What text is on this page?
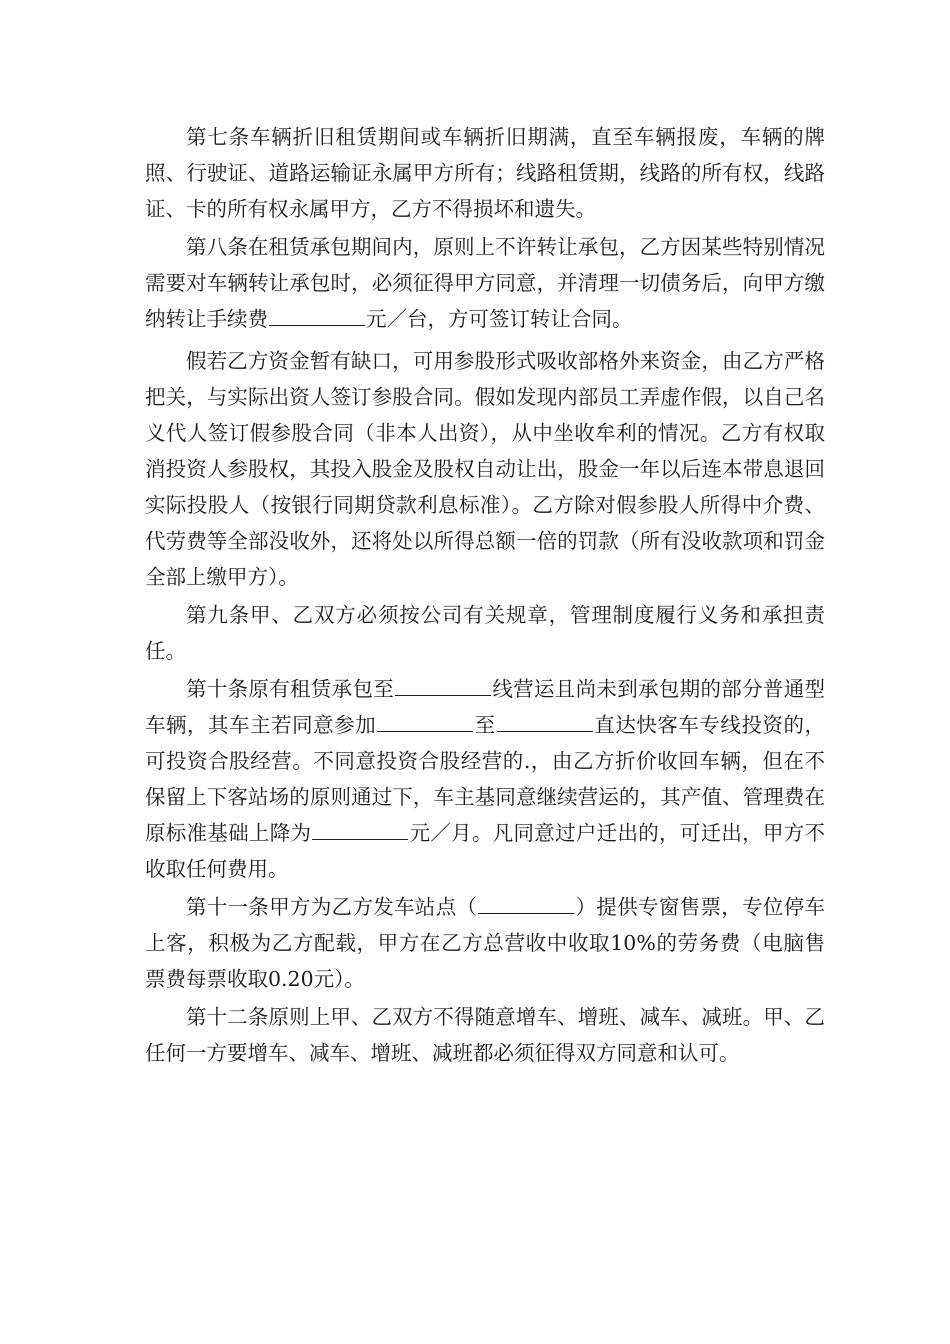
第七条车辆折旧租赁期间或车辆折旧期满，直至车辆报废，车辆的牌照、行驶证、道路运输证永属甲方所有；线路租赁期，线路的所有权，线路证、卡的所有权永属甲方，乙方不得损坏和遗失。

第八条在租赁承包期间内，原则上不许转让承包，乙方因某些特别情况需要对车辆转让承包时，必须征得甲方同意，并清理一切债务后，向甲方缴纳转让手续费	元／台，方可签订转让合同。

假若乙方资金暂有缺口，可用参股形式吸收部格外来资金，由乙方严格把关，与实际出资人签订参股合同。假如发现内部员工弄虚作假，以自己名义代人签订假参股合同（非本人出资），从中坐收牟利的情况。乙方有权取消投资人参股权，其投入股金及股权自动让出，股金一年以后连本带息退回实际投股人（按银行同期贷款利息标准）。乙方除对假参股人所得中介费、代劳费等全部没收外，还将处以所得总额一倍的罚款（所有没收款项和罚金全部上缴甲方）。

第九条甲、乙双方必须按公司有关规章，管理制度履行义务和承担责任。

第十条原有租赁承包至	线营运且尚未到承包期的部分普通型车辆，其车主若同意参加	至	直达快客车专线投资的，可投资合股经营。不同意投资合股经营的.，由乙方折价收回车辆，但在不保留上下客站场的原则通过下，车主基同意继续营运的，其产值、管理费在原标准基础上降为	元／月。凡同意过户迁出的，可迁出，甲方不收取任何费用。

第十一条甲方为乙方发车站点（	）提供专窗售票，专位停车上客，积极为乙方配载，甲方在乙方总营收中收取10%的劳务费（电脑售票费每票收取0.20元）。

第十二条原则上甲、乙双方不得随意增车、增班、减车、减班。甲、乙任何一方要增车、减车、增班、减班都必须征得双方同意和认可。
